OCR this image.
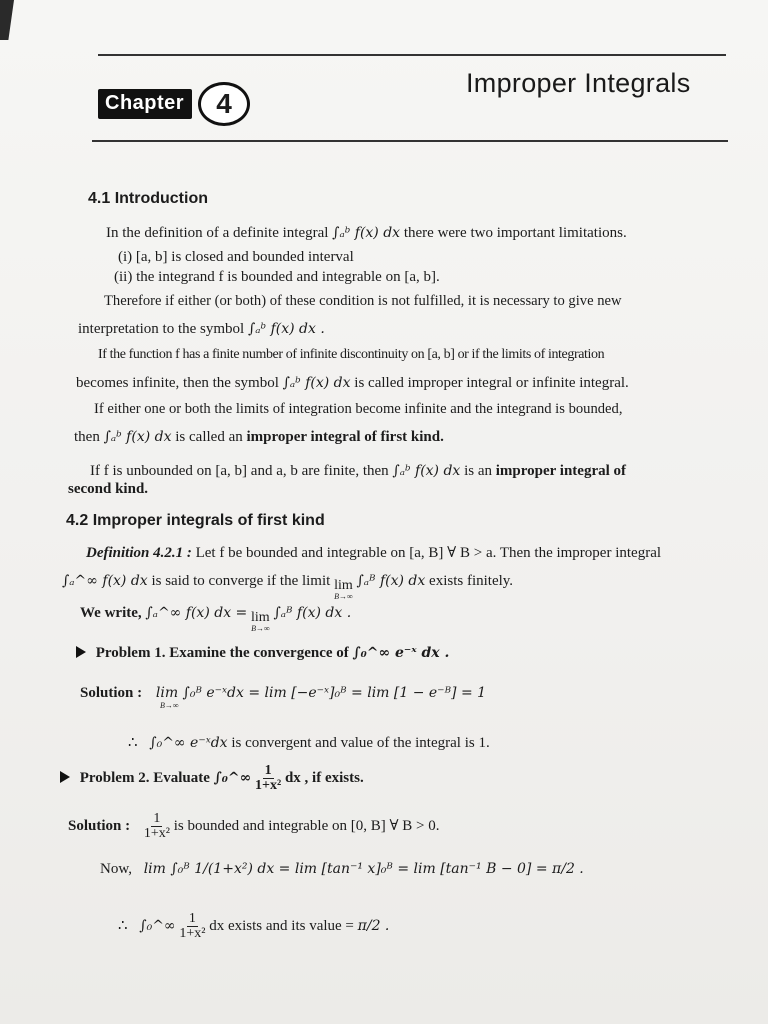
Chapter	4
Improper Integrals
4.1 Introduction
In the definition of a definite integral ∫ₐᵇ f(x) dx there were two important limitations.
(i) [a, b] is closed and bounded interval
(ii) the integrand f is bounded and integrable on [a, b].
Therefore if either (or both) of these condition is not fulfilled, it is necessary to give new
interpretation to the symbol ∫ₐᵇ f(x) dx .
If the function f has a finite number of infinite discontinuity on [a, b] or if the limits of integration
becomes infinite, then the symbol ∫ₐᵇ f(x) dx is called improper integral or infinite integral.
If either one or both the limits of integration become infinite and the integrand is bounded,
then ∫ₐᵇ f(x) dx is called an improper integral of first kind.
If f is unbounded on [a, b] and a, b are finite, then ∫ₐᵇ f(x) dx is an improper integral of
second kind.
4.2 Improper integrals of first kind
Definition 4.2.1 : Let f be bounded and integrable on [a, B] ∀ B > a. Then the improper integral
∫ₐ^∞ f(x) dx is said to converge if the limit lim
B→∞
∫ₐᴮ f(x) dx exists finitely.
We write, ∫ₐ^∞ f(x) dx = lim
B→∞
∫ₐᴮ f(x) dx .
Problem 1. Examine the convergence of ∫₀^∞ e⁻ˣ dx .
Solution : lim ∫₀ᴮ e⁻ˣdx = lim [−e⁻ˣ]₀ᴮ = lim [1 − e⁻ᴮ] = 1
B→∞
∴ ∫₀^∞ e⁻ˣdx is convergent and value of the integral is 1.
Problem 2. Evaluate ∫₀^∞ $\frac{1}{\text{1+x²}}$ dx , if exists.
Solution : $\frac{1}{\text{1+x²}}$ is bounded and integrable on [0, B] ∀ B > 0.
Now, lim ∫₀ᴮ 1/(1+x²) dx = lim [tan⁻¹ x]₀ᴮ = lim [tan⁻¹ B − 0] = π/2 .
∴ ∫₀^∞ $\frac{1}{\text{1+x²}}$ dx exists and its value = π/2 .
